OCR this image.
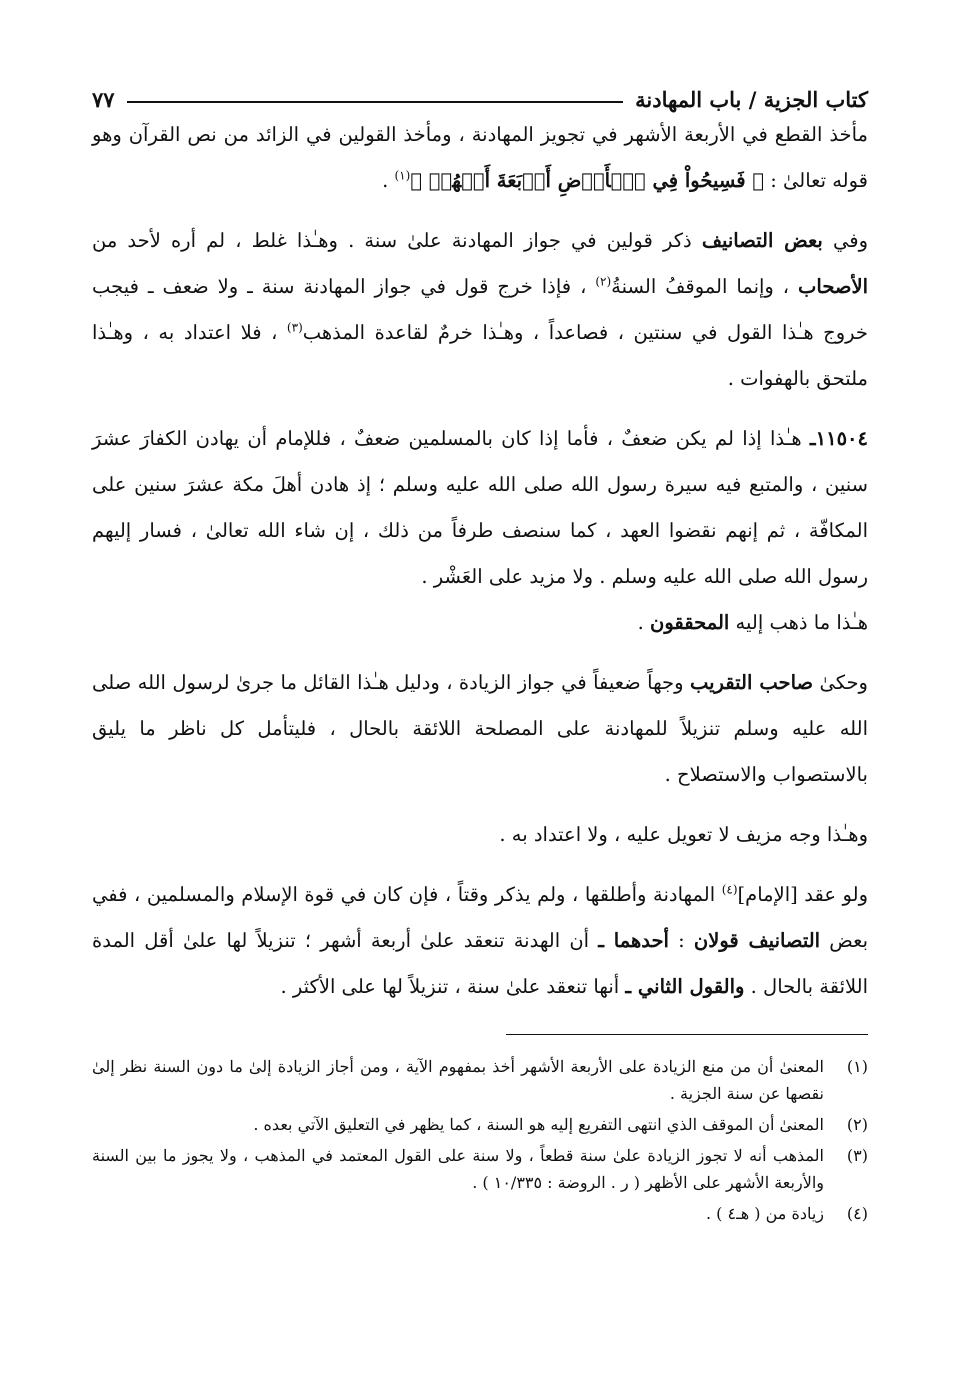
كتاب الجزية / باب المهادنة
٧٧

مأخذ القطع في الأربعة الأشهر في تجويز المهادنة ، ومأخذ القولين في الزائد من نص القرآن وهو قوله تعالىٰ : ﴿ فَسِيحُواْ فِي ٱلۡأَرۡضِ أَرۡبَعَةَ أَشۡهُرٖ ﴾$^{(١)}$ .

وفي بعض التصانيف ذكر قولين في جواز المهادنة علىٰ سنة . وهـٰذا غلط ، لم أره لأحد من الأصحاب ، وإنما الموقفُ السنةُ$^{(٢)}$ ، فإذا خرج قول في جواز المهادنة سنة ـ ولا ضعف ـ فيجب خروج هـٰذا القول في سنتين ، فصاعداً ، وهـٰذا خرمٌ لقاعدة المذهب$^{(٣)}$ ، فلا اعتداد به ، وهـٰذا ملتحق بالهفوات .

١١٥٠٤ـ هـٰذا إذا لم يكن ضعفٌ ، فأما إذا كان بالمسلمين ضعفٌ ، فللإمام أن يهادن الكفارَ عشرَ سنين ، والمتبع فيه سيرة رسول الله صلى الله عليه وسلم ؛ إذ هادن أهلَ مكة عشرَ سنين على المكافّة ، ثم إنهم نقضوا العهد ، كما سنصف طرفاً من ذلك ، إن شاء الله تعالىٰ ، فسار إليهم رسول الله صلى الله عليه وسلم . ولا مزيد على العَشْر .

هـٰذا ما ذهب إليه المحققون .

وحكىٰ صاحب التقريب وجهاً ضعيفاً في جواز الزيادة ، ودليل هـٰذا القائل ما جرىٰ لرسول الله صلى الله عليه وسلم تنزيلاً للمهادنة على المصلحة اللائقة بالحال ، فليتأمل كل ناظر ما يليق بالاستصواب والاستصلاح .

وهـٰذا وجه مزيف لا تعويل عليه ، ولا اعتداد به .

ولو عقد [الإمام]$^{(٤)}$ المهادنة وأطلقها ، ولم يذكر وقتاً ، فإن كان في قوة الإسلام والمسلمين ، ففي بعض التصانيف قولان : أحدهما ـ أن الهدنة تنعقد علىٰ أربعة أشهر ؛ تنزيلاً لها علىٰ أقل المدة اللائقة بالحال . والقول الثاني ـ أنها تنعقد علىٰ سنة ، تنزيلاً لها على الأكثر .

(١)
المعنىٰ أن من منع الزيادة على الأربعة الأشهر أخذ بمفهوم الآية ، ومن أجاز الزيادة إلىٰ ما دون السنة نظر إلىٰ نقصها عن سنة الجزية .
(٢)
المعنىٰ أن الموقف الذي انتهى التفريع إليه هو السنة ، كما يظهر في التعليق الآتي بعده .
(٣)
المذهب أنه لا تجوز الزيادة علىٰ سنة قطعاً ، ولا سنة على القول المعتمد في المذهب ، ولا يجوز ما بين السنة والأربعة الأشهر على الأظهر ( ر . الروضة : ١٠/٣٣٥ ) .
(٤)
زيادة من ( هـ٤ ) .
